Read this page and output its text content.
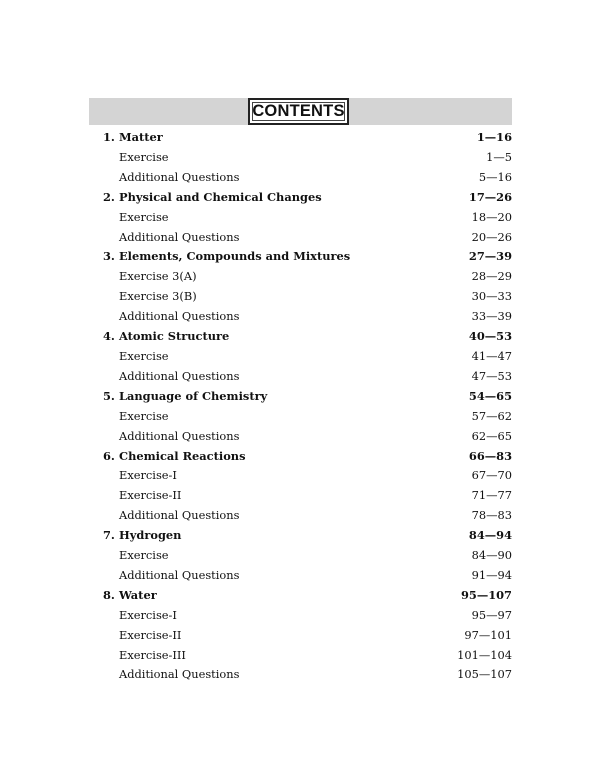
CONTENTS
1. Matter	1—16
Exercise	1—5
Additional Questions	5—16
2. Physical and Chemical Changes	17—26
Exercise	18—20
Additional Questions	20—26
3. Elements, Compounds and Mixtures	27—39
Exercise 3(A)	28—29
Exercise 3(B)	30—33
Additional Questions	33—39
4. Atomic Structure	40—53
Exercise	41—47
Additional Questions	47—53
5. Language of Chemistry	54—65
Exercise	57—62
Additional Questions	62—65
6. Chemical Reactions	66—83
Exercise-I	67—70
Exercise-II	71—77
Additional Questions	78—83
7. Hydrogen	84—94
Exercise	84—90
Additional Questions	91—94
8. Water	95—107
Exercise-I	95—97
Exercise-II	97—101
Exercise-III	101—104
Additional Questions	105—107
